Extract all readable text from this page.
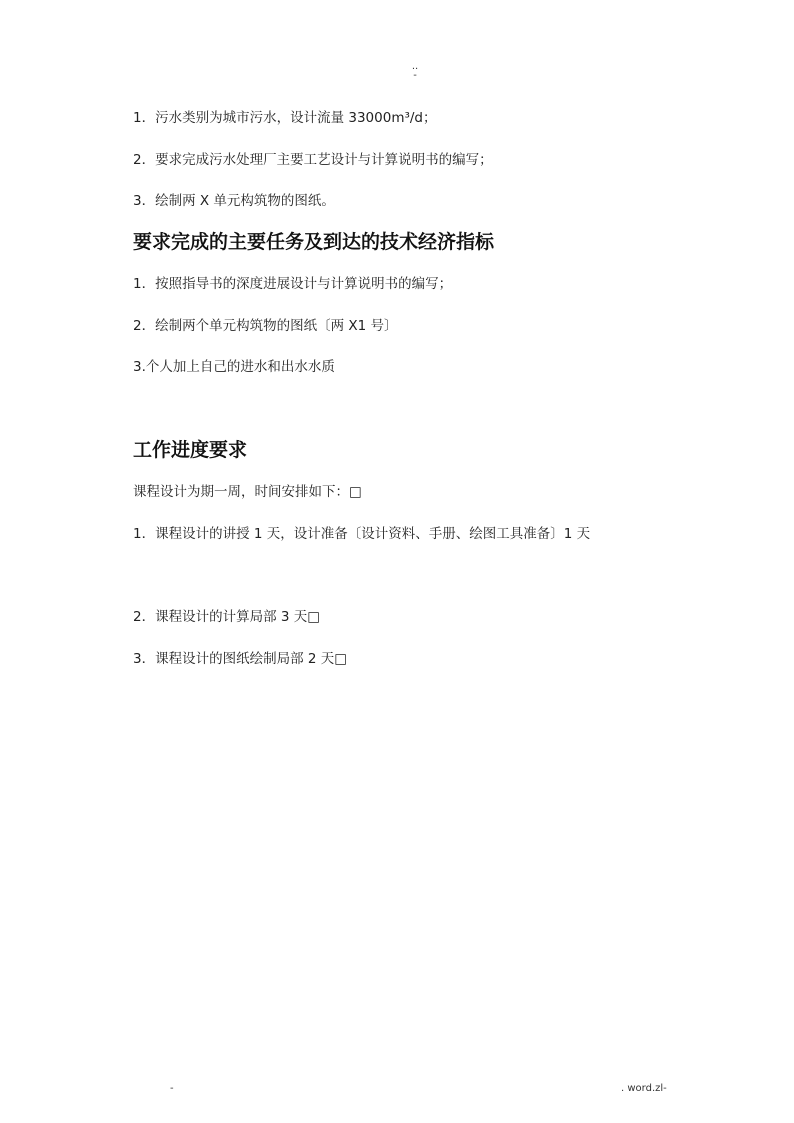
..
-
1．污水类别为城市污水，设计流量 33000m³/d；
2．要求完成污水处理厂主要工艺设计与计算说明书的编写；
3．绘制两 X 单元构筑物的图纸。
要求完成的主要任务及到达的技术经济指标
1．按照指导书的深度进展设计与计算说明书的编写；
2．绘制两个单元构筑物的图纸〔两 X1 号〕
3.个人加上自己的进水和出水水质
工作进度要求
课程设计为期一周，时间安排如下：□
1．课程设计的讲授 1 天，设计准备〔设计资料、手册、绘图工具准备〕1 天
2．课程设计的计算局部 3 天□
3．课程设计的图纸绘制局部 2 天□
-	. word.zl-
